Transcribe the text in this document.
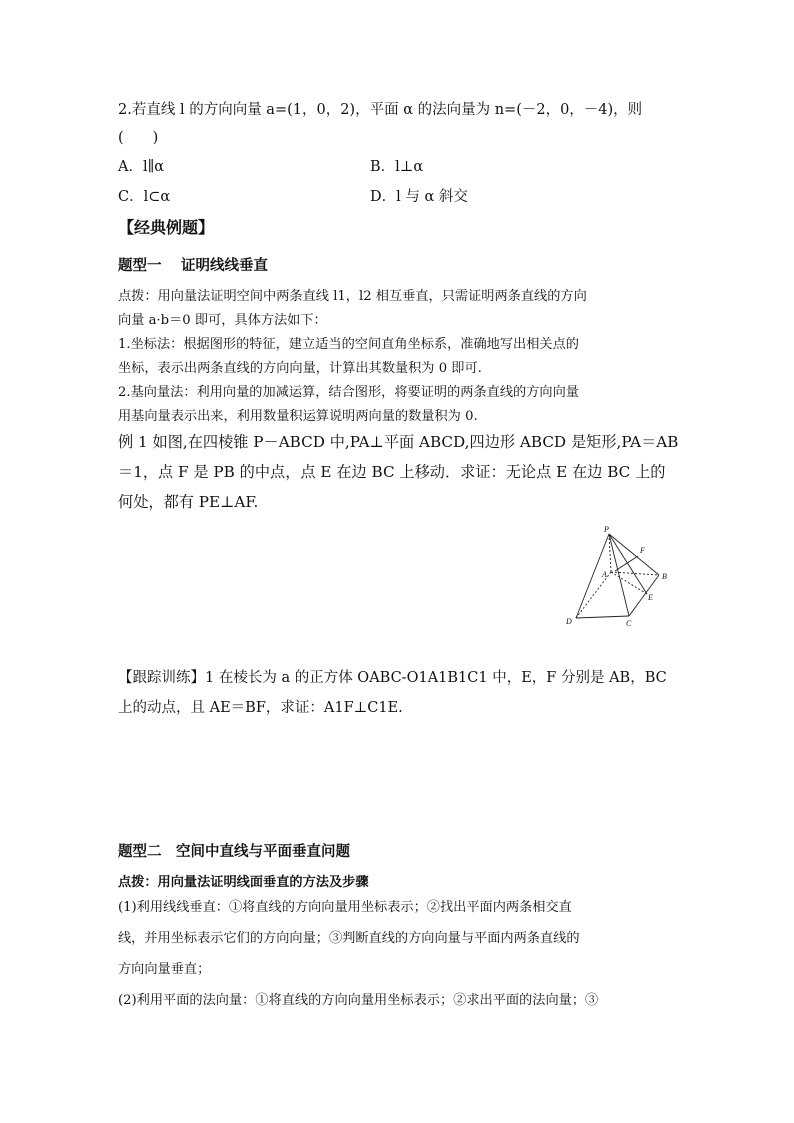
2.若直线 l 的方向向量 a=(1，0，2)，平面 α 的法向量为 n=(－2，0，－4)，则
(　　)
A．l∥α	B．l⊥α
C．l⊂α	D．l 与 α 斜交
【经典例题】
题型一　 证明线线垂直
点拨：用向量法证明空间中两条直线 l1，l2 相互垂直，只需证明两条直线的方向
向量 a·b＝0 即可，具体方法如下：
1.坐标法：根据图形的特征，建立适当的空间直角坐标系，准确地写出相关点的
坐标，表示出两条直线的方向向量，计算出其数量积为 0 即可.
2.基向量法：利用向量的加减运算，结合图形，将要证明的两条直线的方向向量
用基向量表示出来，利用数量积运算说明两向量的数量积为 0.
例 1 如图,在四棱锥 P－ABCD 中,PA⊥平面 ABCD,四边形 ABCD 是矩形,PA＝AB
＝1，点 F 是 PB 的中点，点 E 在边 BC 上移动．求证：无论点 E 在边 BC 上的
何处，都有 PE⊥AF.
P
F
A	B
E
D	C
【跟踪训练】1 在棱长为 a 的正方体 OABC-O1A1B1C1 中，E，F 分别是 AB，BC
上的动点，且 AE＝BF，求证：A1F⊥C1E.
题型二　空间中直线与平面垂直问题
点拨：用向量法证明线面垂直的方法及步骤
(1)利用线线垂直：①将直线的方向向量用坐标表示；②找出平面内两条相交直
线，并用坐标表示它们的方向向量；③判断直线的方向向量与平面内两条直线的
方向向量垂直；
(2)利用平面的法向量：①将直线的方向向量用坐标表示；②求出平面的法向量；③
